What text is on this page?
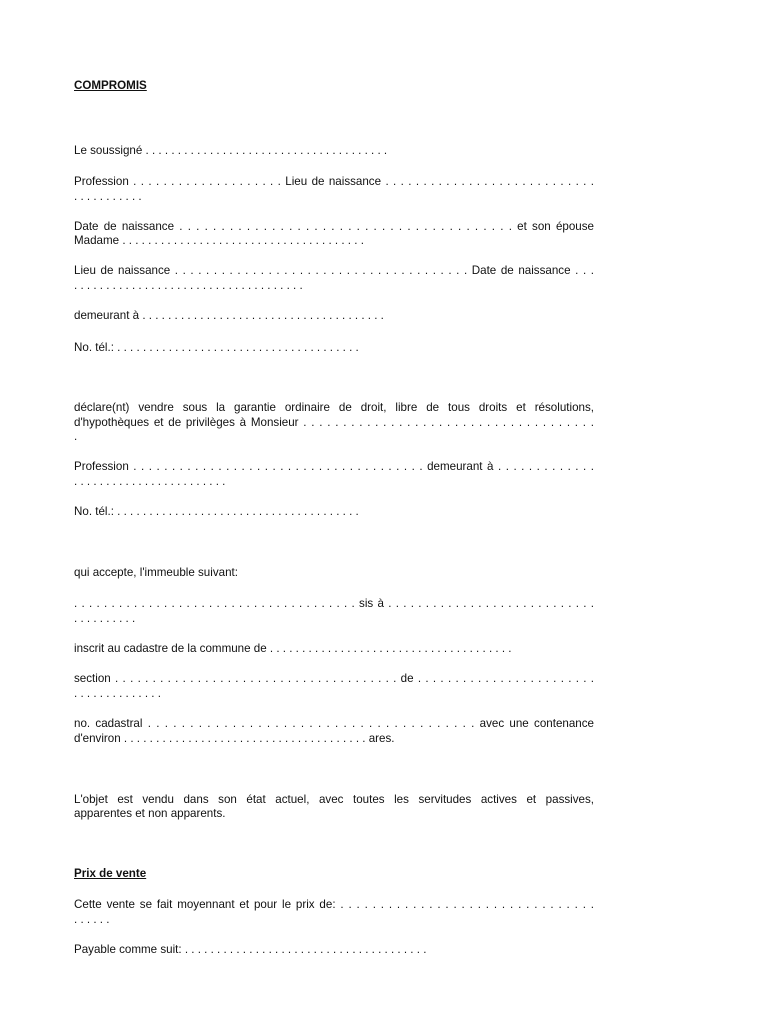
COMPROMIS
Le soussigné . . . . . . . . . . . . . . . . . . . . . . . . . . . . . . . . . . . . . .
Profession . . . . . . . . . . . . . . . . . . . . Lieu de naissance . . . . . . . . . . . . . . . . . . . . . . . . . . . .
. . . . . . . . . . .
Date de naissance . . . . . . . . . . . . . . . . . . . . . . . . . . . . . . . . . . . . . . . . et son épouse
Madame . . . . . . . . . . . . . . . . . . . . . . . . . . . . . . . . . . . . . .
Lieu de naissance . . . . . . . . . . . . . . . . . . . . . . . . . . . . . . . . . . . . . . Date de naissance . . .
. . . . . . . . . . . . . . . . . . . . . . . . . . . . . . . . . . . .
demeurant à . . . . . . . . . . . . . . . . . . . . . . . . . . . . . . . . . . . . . .
No. tél.: . . . . . . . . . . . . . . . . . . . . . . . . . . . . . . . . . . . . . .
déclare(nt) vendre sous la garantie ordinaire de droit, libre de tous droits et résolutions,
d'hypothèques et de privilèges à Monsieur . . . . . . . . . . . . . . . . . . . . . . . . . . . . . . . . . . . . .
.
Profession . . . . . . . . . . . . . . . . . . . . . . . . . . . . . . . . . . . . . . demeurant à . . . . . . . . . . . . .
. . . . . . . . . . . . . . . . . . . . . . . .
No. tél.: . . . . . . . . . . . . . . . . . . . . . . . . . . . . . . . . . . . . . .
qui accepte, l'immeuble suivant:
. . . . . . . . . . . . . . . . . . . . . . . . . . . . . . . . . . . . . . sis à . . . . . . . . . . . . . . . . . . . . . . . . . . . .
. . . . . . . . . .
inscrit au cadastre de la commune de . . . . . . . . . . . . . . . . . . . . . . . . . . . . . . . . . . . . . .
section . . . . . . . . . . . . . . . . . . . . . . . . . . . . . . . . . . . . . . de . . . . . . . . . . . . . . . . . . . . . . . .
. . . . . . . . . . . . . .
no. cadastral . . . . . . . . . . . . . . . . . . . . . . . . . . . . . . . . . . . . . . . avec une contenance
d'environ . . . . . . . . . . . . . . . . . . . . . . . . . . . . . . . . . . . . . . ares.
L'objet est vendu dans son état actuel, avec toutes les servitudes actives et passives,
apparentes et non apparents.
Prix de vente
Cette vente se fait moyennant et pour le prix de: . . . . . . . . . . . . . . . . . . . . . . . . . . . . . . . .
. . . . . .
Payable comme suit: . . . . . . . . . . . . . . . . . . . . . . . . . . . . . . . . . . . . . .
